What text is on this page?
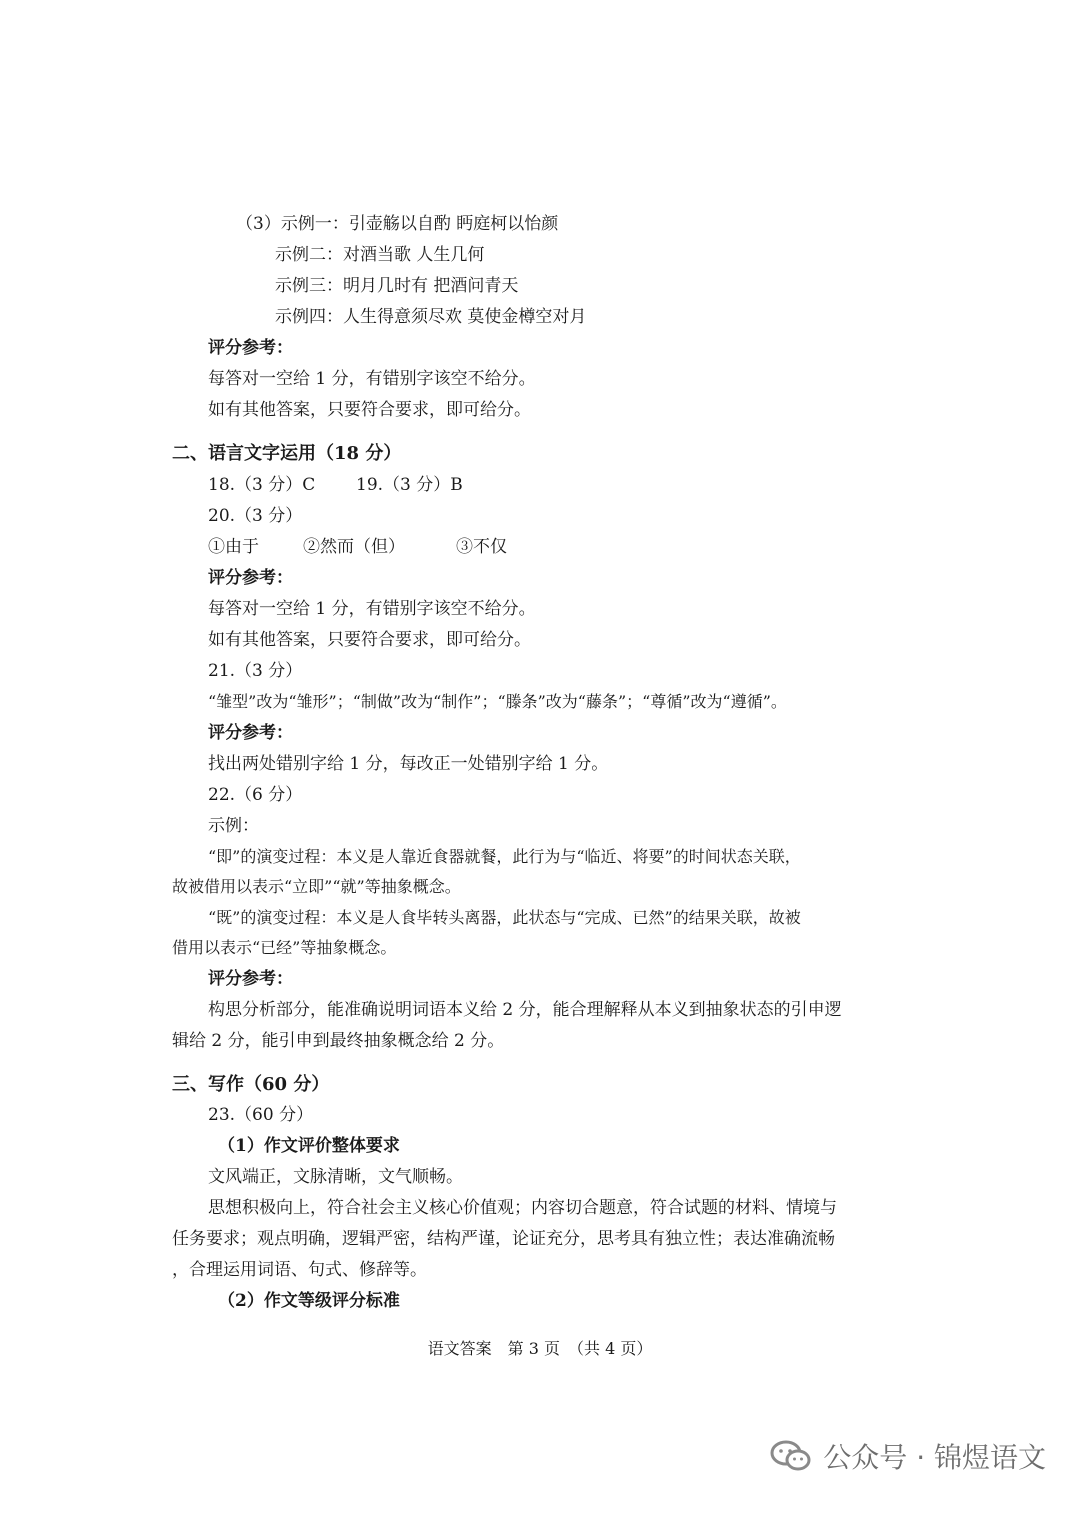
（3）示例一：引壶觞以自酌 眄庭柯以怡颜
示例二：对酒当歌 人生几何
示例三：明月几时有 把酒问青天
示例四：人生得意须尽欢 莫使金樽空对月
评分参考：
每答对一空给 1 分，有错别字该空不给分。
如有其他答案，只要符合要求，即可给分。
二、语言文字运用（18 分）
18.（3 分）C 19.（3 分）B
20.（3 分）
①由于	②然而（但）	③不仅
评分参考：
每答对一空给 1 分，有错别字该空不给分。
如有其他答案，只要符合要求，即可给分。
21.（3 分）
“雏型”改为“雏形”；“制做”改为“制作”；“滕条”改为“藤条”；“尊循”改为“遵循”。
评分参考：
找出两处错别字给 1 分，每改正一处错别字给 1 分。
22.（6 分）
示例：
“即”的演变过程：本义是人靠近食器就餐，此行为与“临近、将要”的时间状态关联，
故被借用以表示“立即”“就”等抽象概念。
“既”的演变过程：本义是人食毕转头离器，此状态与“完成、已然”的结果关联，故被
借用以表示“已经”等抽象概念。
评分参考：
构思分析部分，能准确说明词语本义给 2 分，能合理解释从本义到抽象状态的引申逻
辑给 2 分，能引申到最终抽象概念给 2 分。
三、写作（60 分）
23.（60 分）
（1）作文评价整体要求
文风端正，文脉清晰，文气顺畅。
思想积极向上，符合社会主义核心价值观；内容切合题意，符合试题的材料、情境与
任务要求；观点明确，逻辑严密，结构严谨，论证充分，思考具有独立性；表达准确流畅
，合理运用词语、句式、修辞等。
（2）作文等级评分标准
语文答案　第 3 页　（共 4 页）
公众号 · 锦煜语文
